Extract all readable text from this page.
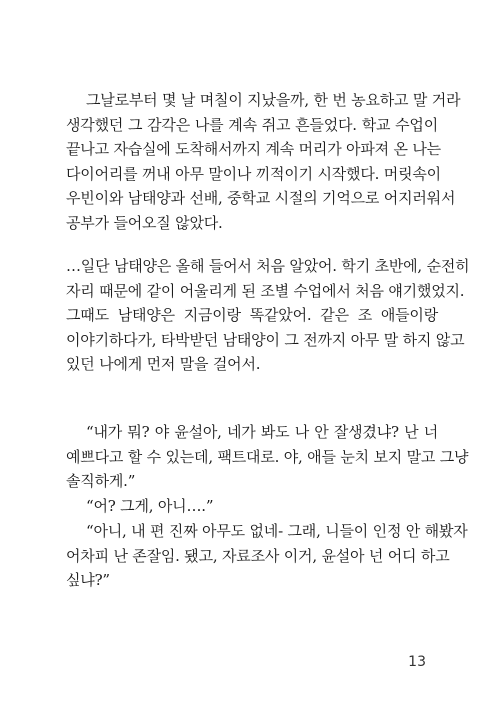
그날로부터 몇 날 며칠이 지났을까, 한 번 농요하고 말 거라
생각했던 그 감각은 나를 계속 쥐고 흔들었다. 학교 수업이
끝나고 자습실에 도착해서까지 계속 머리가 아파져 온 나는
다이어리를 꺼내 아무 말이나 끼적이기 시작했다. 머릿속이
우빈이와 남태양과 선배, 중학교 시절의 기억으로 어지러워서
공부가 들어오질 않았다.
…일단 남태양은 올해 들어서 처음 알았어. 학기 초반에, 순전히
자리 때문에 같이 어울리게 된 조별 수업에서 처음 얘기했었지.
그때도 남태양은 지금이랑 똑같았어. 같은 조 애들이랑
이야기하다가, 타박받던 남태양이 그 전까지 아무 말 하지 않고
있던 나에게 먼저 말을 걸어서.
“내가 뭐? 야 윤설아, 네가 봐도 나 안 잘생겼냐? 난 너
예쁘다고 할 수 있는데, 팩트대로. 야, 애들 눈치 보지 말고 그냥
솔직하게.”
“어? 그게, 아니….”
“아니, 내 편 진짜 아무도 없네- 그래, 니들이 인정 안 해봤자
어차피 난 존잘임. 됐고, 자료조사 이거, 윤설아 넌 어디 하고
싶냐?”
13
